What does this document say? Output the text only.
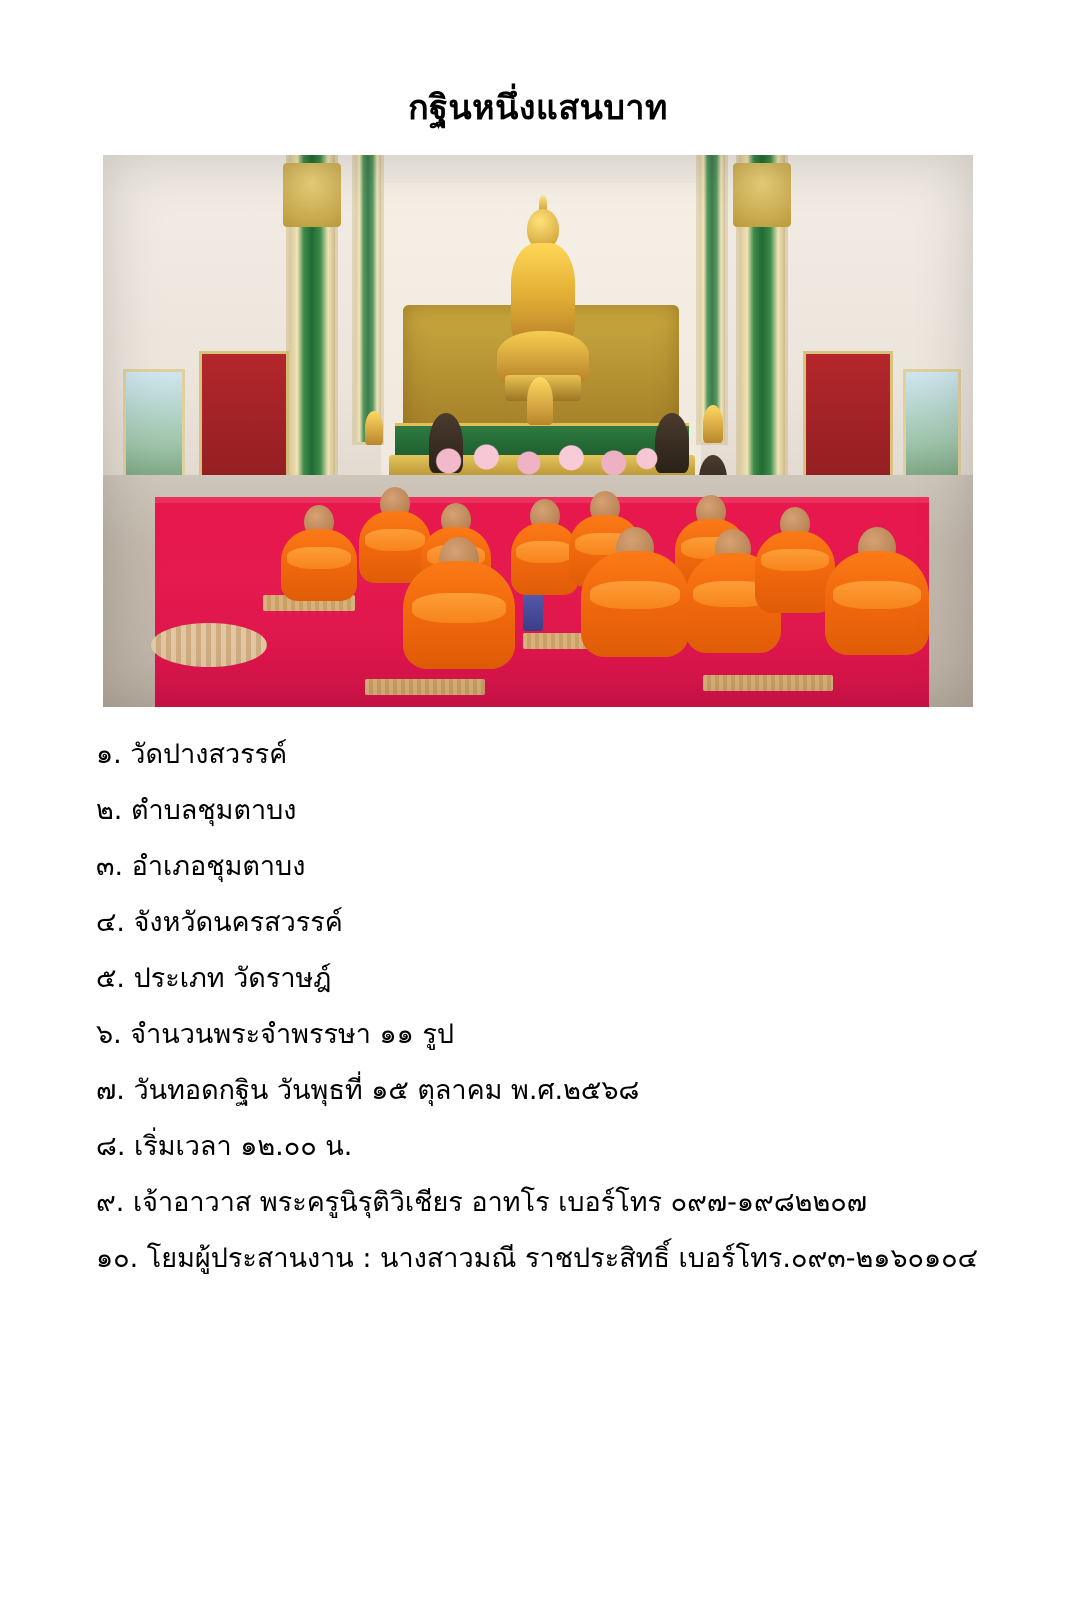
กฐินหนึ่งแสนบาท
๑. วัดปางสวรรค์
๒. ตำบลชุมตาบง
๓. อำเภอชุมตาบง
๔. จังหวัดนครสวรรค์
๕. ประเภท วัดราษฎ์
๖. จำนวนพระจำพรรษา ๑๑ รูป
๗. วันทอดกฐิน วันพุธที่ ๑๕ ตุลาคม พ.ศ.๒๕๖๘
๘. เริ่มเวลา ๑๒.๐๐ น.
๙. เจ้าอาวาส พระครูนิรุติวิเชียร อาทโร เบอร์โทร ๐๙๗-๑๙๘๒๒๐๗
๑๐. โยมผู้ประสานงาน : นางสาวมณี ราชประสิทธิ์ เบอร์โทร.๐๙๓-๒๑๖๐๑๐๔
